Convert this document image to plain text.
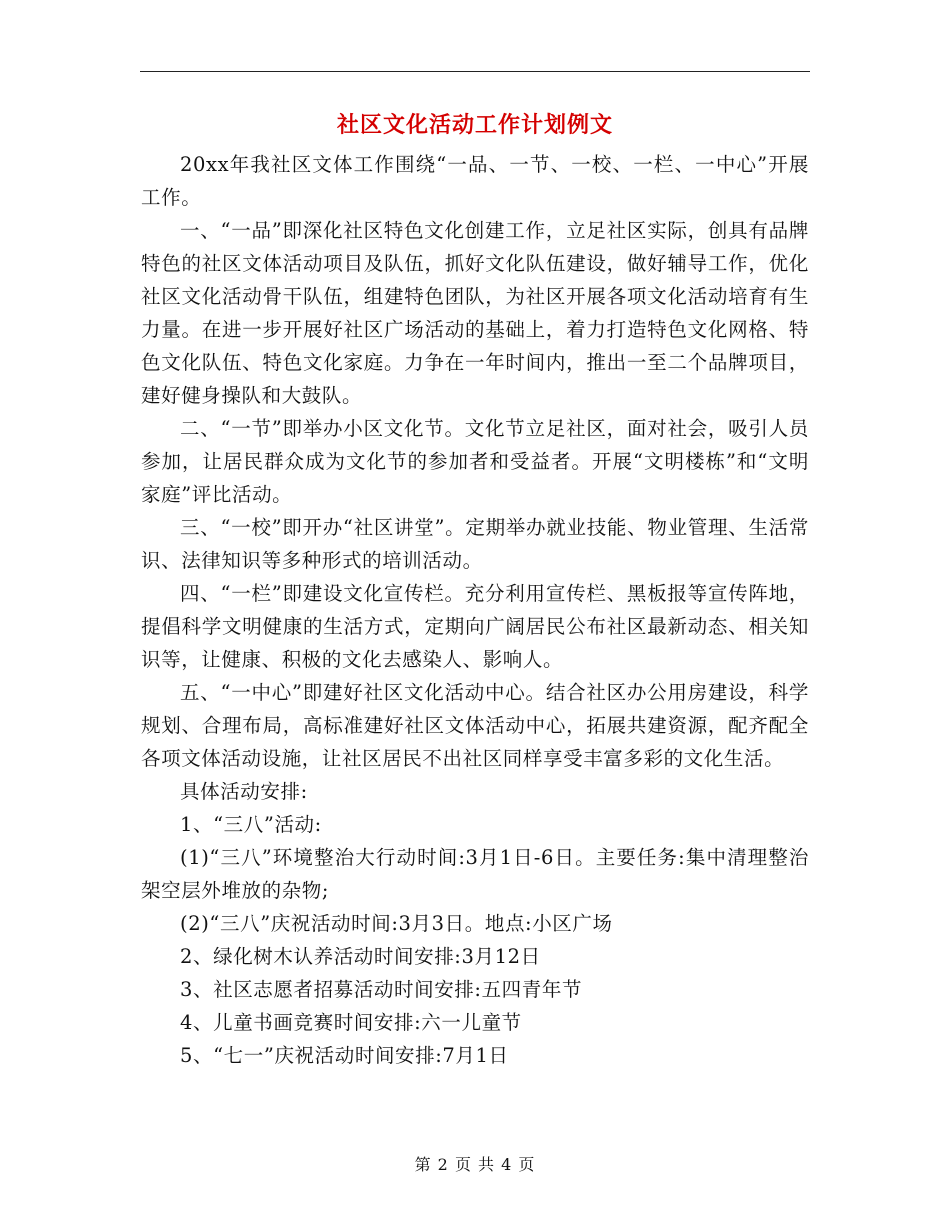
社区文化活动工作计划例文

20xx年我社区文体工作围绕“一品、一节、一校、一栏、一中心”开展工作。

一、“一品”即深化社区特色文化创建工作，立足社区实际，创具有品牌特色的社区文体活动项目及队伍，抓好文化队伍建设，做好辅导工作，优化社区文化活动骨干队伍，组建特色团队，为社区开展各项文化活动培育有生力量。在进一步开展好社区广场活动的基础上，着力打造特色文化网格、特色文化队伍、特色文化家庭。力争在一年时间内，推出一至二个品牌项目，建好健身操队和大鼓队。

二、“一节”即举办小区文化节。文化节立足社区，面对社会，吸引人员参加，让居民群众成为文化节的参加者和受益者。开展“文明楼栋”和“文明家庭”评比活动。

三、“一校”即开办“社区讲堂”。定期举办就业技能、物业管理、生活常识、法律知识等多种形式的培训活动。

四、“一栏”即建设文化宣传栏。充分利用宣传栏、黑板报等宣传阵地，提倡科学文明健康的生活方式，定期向广阔居民公布社区最新动态、相关知识等，让健康、积极的文化去感染人、影响人。

五、“一中心”即建好社区文化活动中心。结合社区办公用房建设，科学规划、合理布局，高标准建好社区文体活动中心，拓展共建资源，配齐配全各项文体活动设施，让社区居民不出社区同样享受丰富多彩的文化生活。

具体活动安排:

1、“三八”活动:

(1)“三八”环境整治大行动时间:3月1日-6日。主要任务:集中清理整治架空层外堆放的杂物;

(2)“三八”庆祝活动时间:3月3日。地点:小区广场

2、绿化树木认养活动时间安排:3月12日

3、社区志愿者招募活动时间安排:五四青年节

4、儿童书画竞赛时间安排:六一儿童节

5、“七一”庆祝活动时间安排:7月1日

第 2 页 共 4 页
